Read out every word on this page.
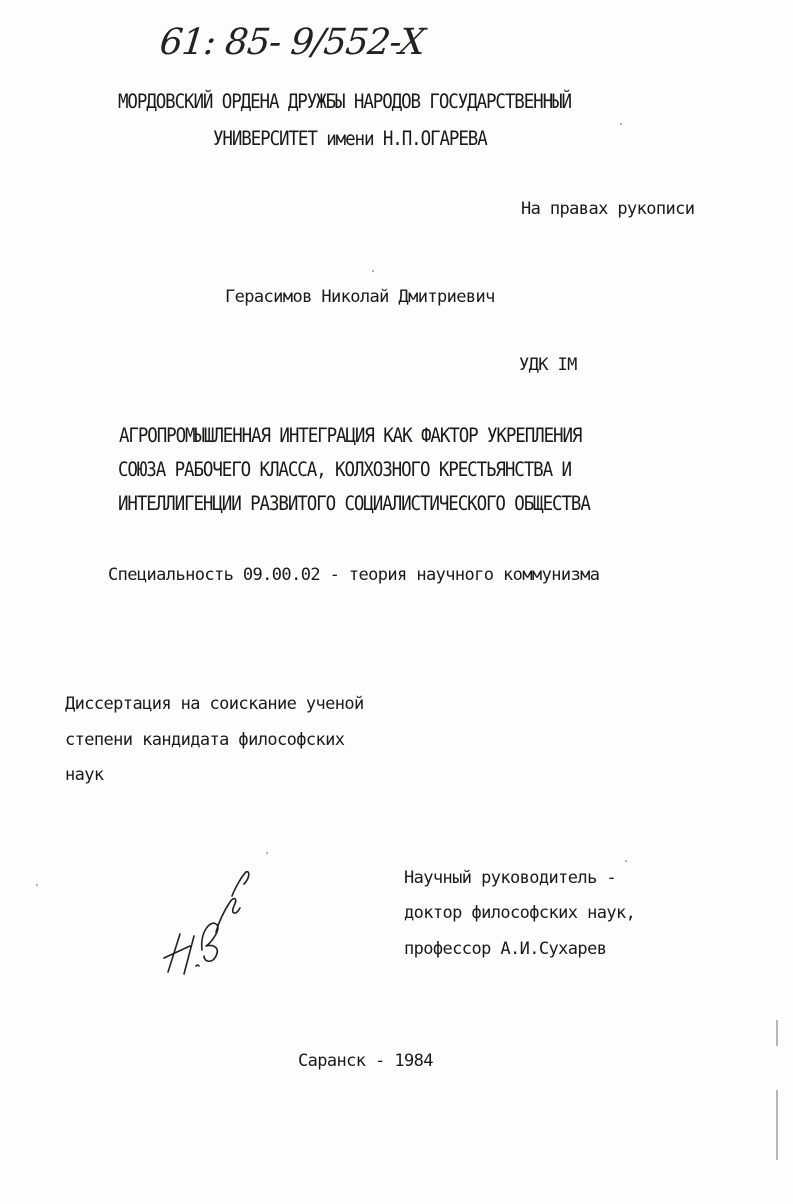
61: 85- 9/552-X
МОРДОВСКИЙ ОРДЕНА ДРУЖБЫ НАРОДОВ ГОСУДАРСТВЕННЫЙ
УНИВЕРСИТЕТ имени Н.П.ОГАРЕВА
На правах рукописи
Герасимов Николай Дмитриевич
УДК IM
АГРОПРОМЫШЛЕННАЯ ИНТЕГРАЦИЯ КАК ФАКТОР УКРЕПЛЕНИЯ
СОЮЗА РАБОЧЕГО КЛАССА, КОЛХОЗНОГО КРЕСТЬЯНСТВА И
ИНТЕЛЛИГЕНЦИИ РАЗВИТОГО СОЦИАЛИСТИЧЕСКОГО ОБЩЕСТВА
Специальность 09.00.02 - теория научного коммунизма
Диссертация на соискание ученой
степени кандидата философских
наук
Научный руководитель -
доктор философских наук,
профессор А.И.Сухарев
Саранск - 1984
